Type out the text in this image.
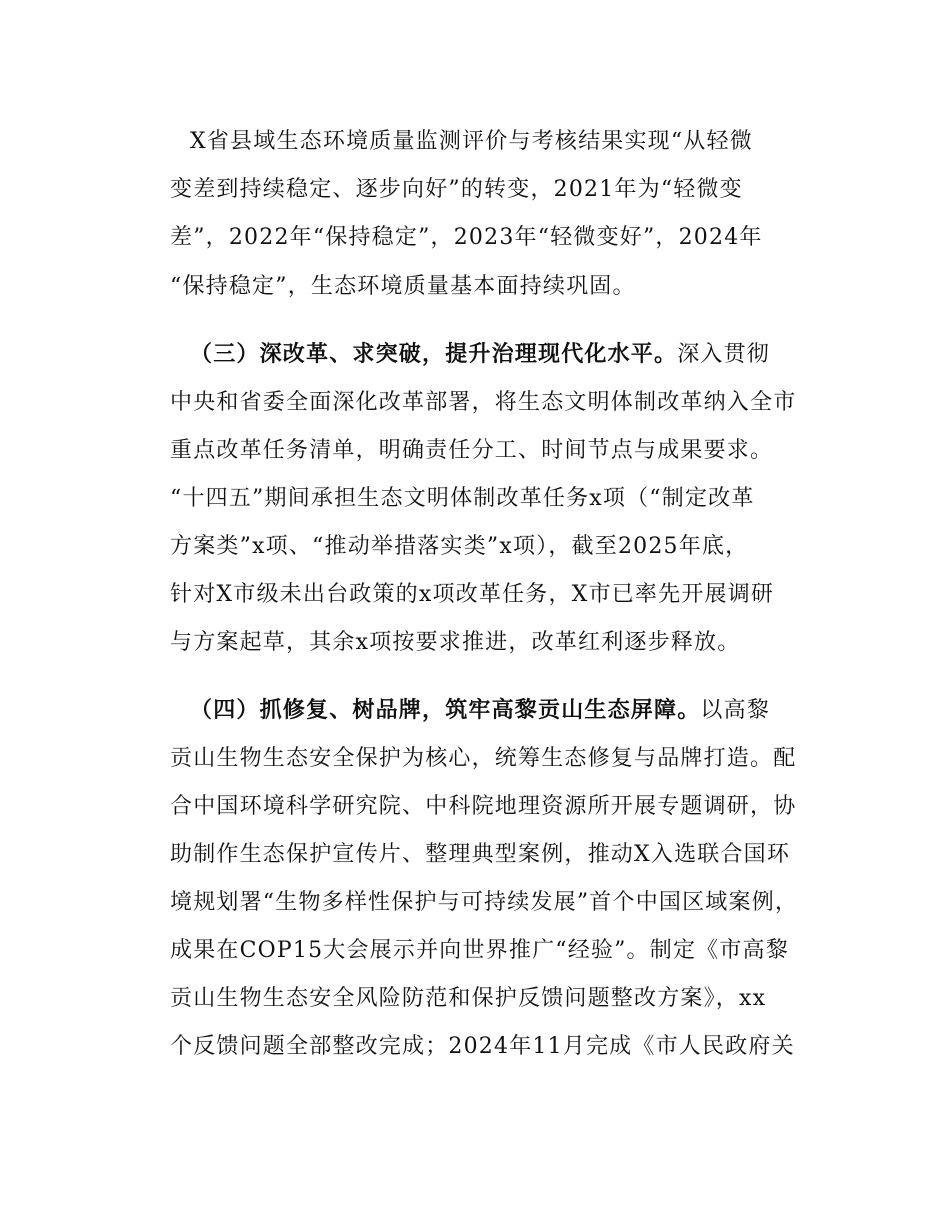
X省县域生态环境质量监测评价与考核结果实现“从轻微
变差到持续稳定、逐步向好”的转变，2021年为“轻微变
差”，2022年“保持稳定”，2023年“轻微变好”，2024年
“保持稳定”，生态环境质量基本面持续巩固。
（三）深改革、求突破，提升治理现代化水平。深入贯彻
中央和省委全面深化改革部署，将生态文明体制改革纳入全市
重点改革任务清单，明确责任分工、时间节点与成果要求。
“十四五”期间承担生态文明体制改革任务x项（“制定改革
方案类”x项、“推动举措落实类”x项），截至2025年底，
针对X市级未出台政策的x项改革任务，X市已率先开展调研
与方案起草，其余x项按要求推进，改革红利逐步释放。
（四）抓修复、树品牌，筑牢高黎贡山生态屏障。以高黎
贡山生物生态安全保护为核心，统筹生态修复与品牌打造。配
合中国环境科学研究院、中科院地理资源所开展专题调研，协
助制作生态保护宣传片、整理典型案例，推动X入选联合国环
境规划署“生物多样性保护与可持续发展”首个中国区域案例，
成果在COP15大会展示并向世界推广“经验”。制定《市高黎
贡山生物生态安全风险防范和保护反馈问题整改方案》，xx
个反馈问题全部整改完成；2024年11月完成《市人民政府关
